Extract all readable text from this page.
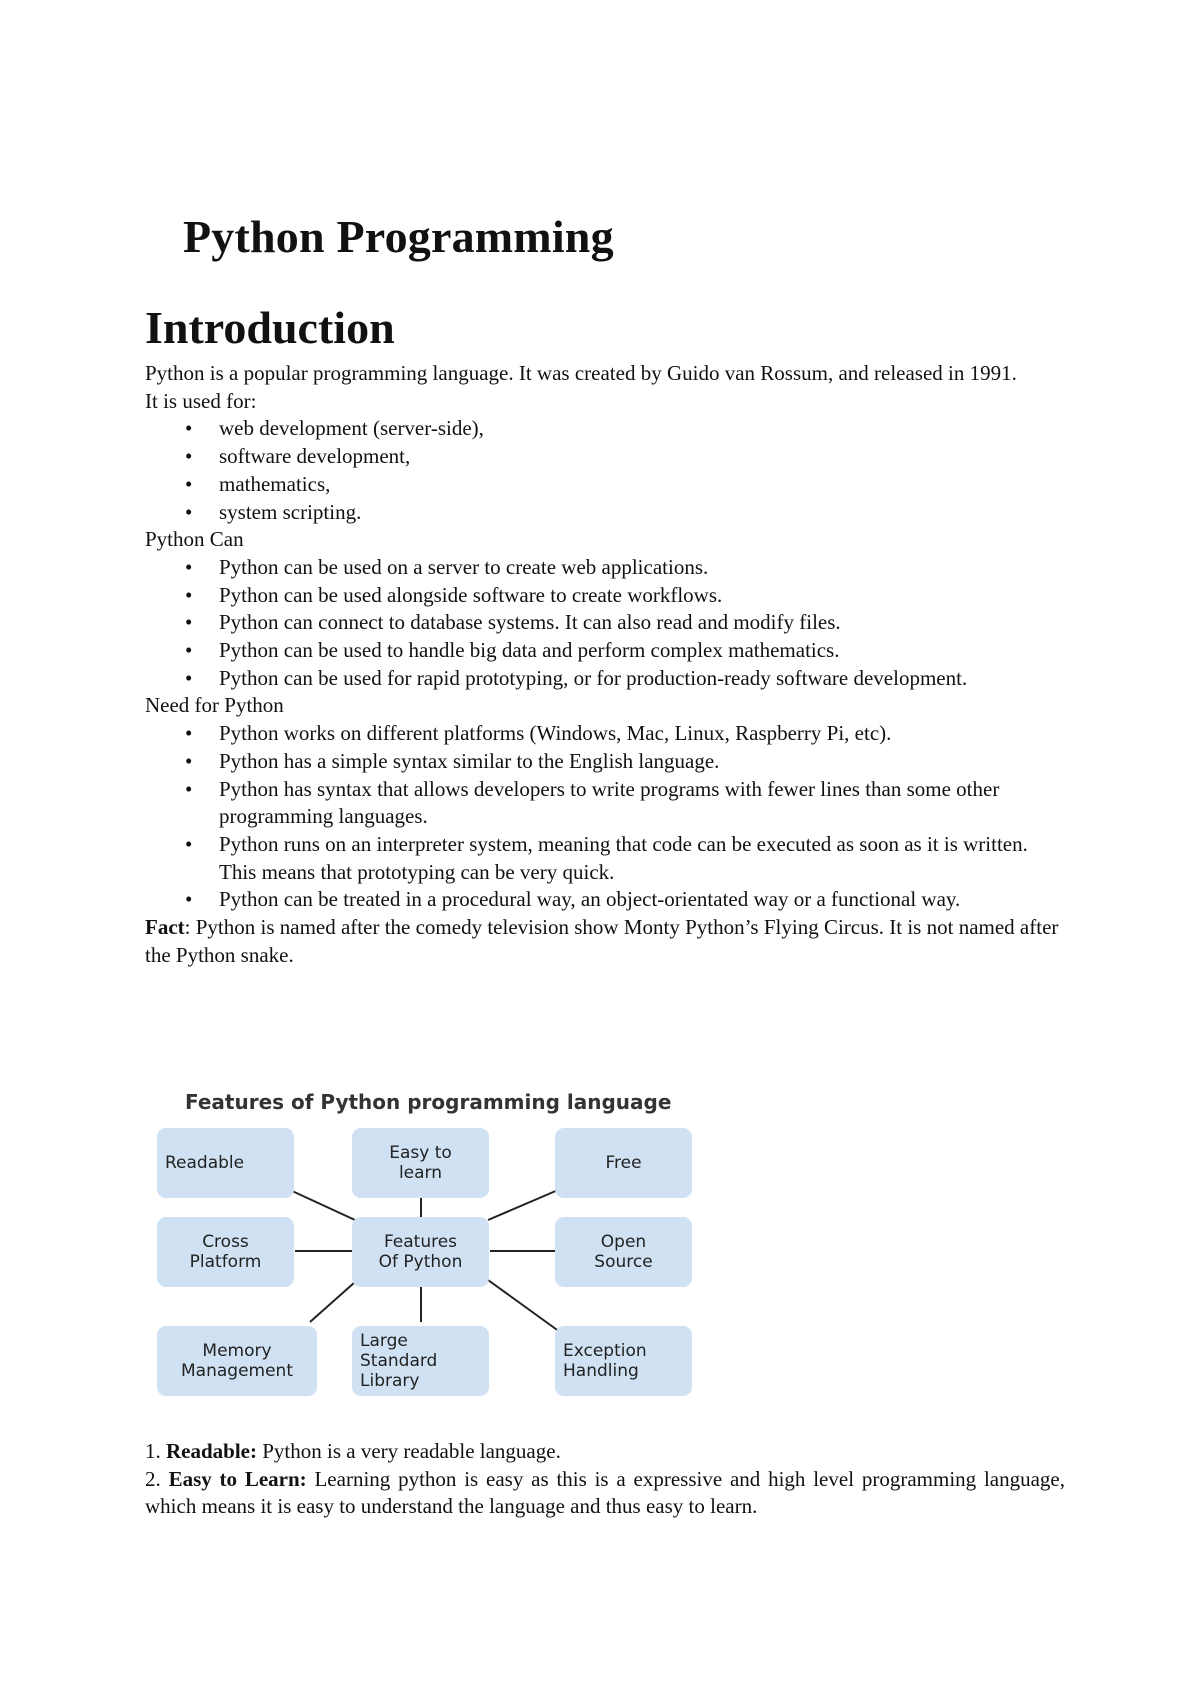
Python Programming
Introduction

Python is a popular programming language. It was created by Guido van Rossum, and released in 1991.

It is used for:

• web development (server-side),
• software development,
• mathematics,
• system scripting.

Python Can

• Python can be used on a server to create web applications.
• Python can be used alongside software to create workflows.
• Python can connect to database systems. It can also read and modify files.
• Python can be used to handle big data and perform complex mathematics.
• Python can be used for rapid prototyping, or for production-ready software development.

Need for Python

• Python works on different platforms (Windows, Mac, Linux, Raspberry Pi, etc).
• Python has a simple syntax similar to the English language.
• Python has syntax that allows developers to write programs with fewer lines than some other programming languages.
• Python runs on an interpreter system, meaning that code can be executed as soon as it is written. This means that prototyping can be very quick.
• Python can be treated in a procedural way, an object-orientated way or a functional way.

Fact: Python is named after the comedy television show Monty Python’s Flying Circus. It is not named after the Python snake.

Features of Python programming language

Readable	Easy to
learn	Free
Cross
Platform
Features
Of Python
Open
Source
Memory
Management
Large
Standard
Library
Exception
Handling

1. Readable: Python is a very readable language.

2. Easy to Learn: Learning python is easy as this is a expressive and high level programming language, which means it is easy to understand the language and thus easy to learn.
